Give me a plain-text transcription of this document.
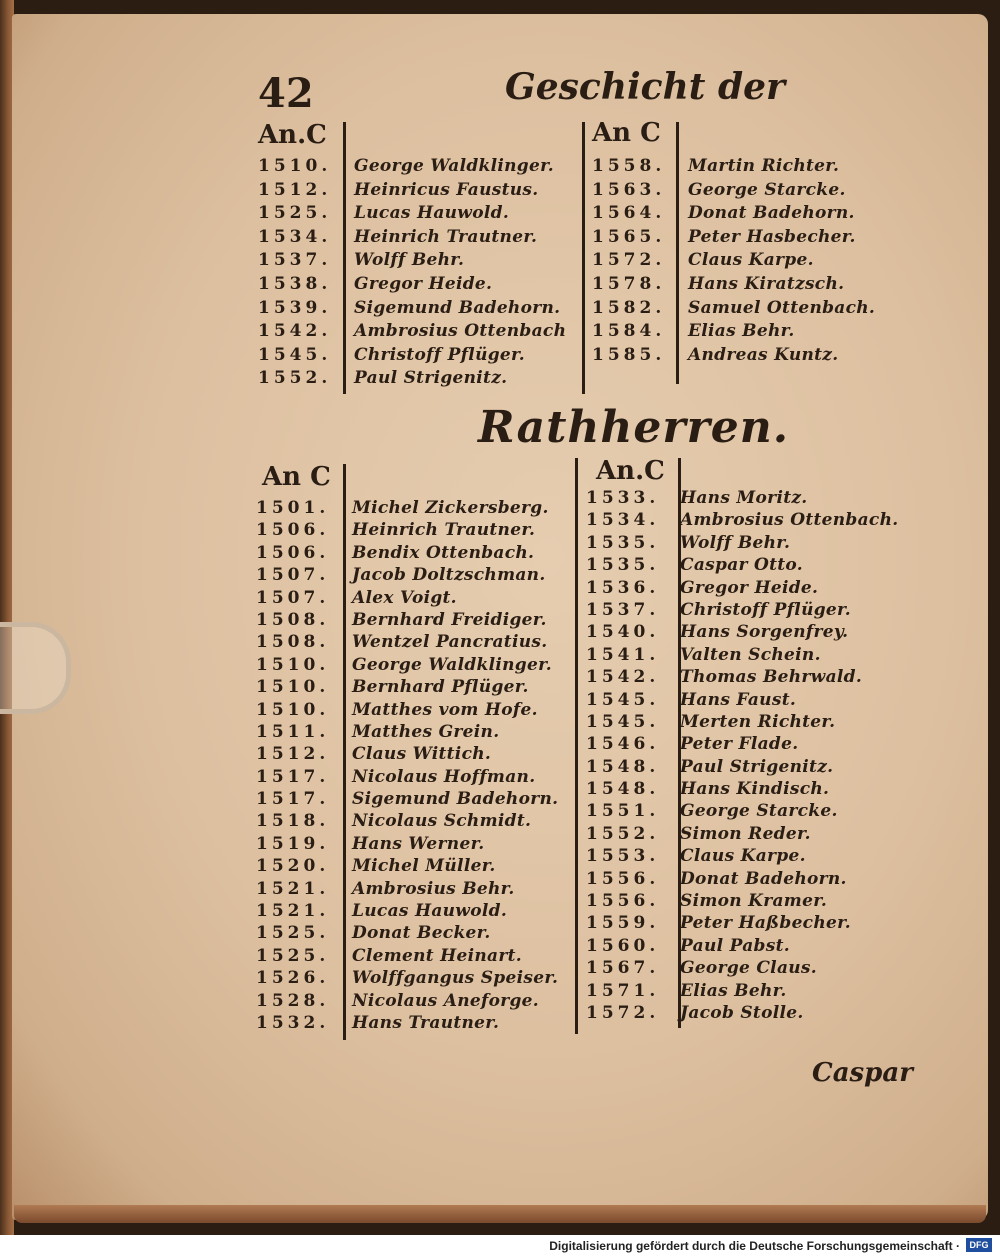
42	Geschicht der
An.C	An C
1510. George Waldklinger.
1512. Heinricus Faustus.
1525. Lucas Hauwold.
1534. Heinrich Trautner.
1537. Wolff Behr.
1538. Gregor Heide.
1539. Sigemund Badehorn.
1542. Ambrosius Ottenbach
1545. Christoff Pflüger.
1552. Paul Strigenitz.
1558. Martin Richter.
1563. George Starcke.
1564. Donat Badehorn.
1565. Peter Hasbecher.
1572. Claus Karpe.
1578. Hans Kiratzsch.
1582. Samuel Ottenbach.
1584. Elias Behr.
1585. Andreas Kuntz.
Rathherren.
An C	An.C
1501. Michel Zickersberg.
1506. Heinrich Trautner.
1506. Bendix Ottenbach.
1507. Jacob Doltzschman.
1507. Alex Voigt.
1508. Bernhard Freidiger.
1508. Wentzel Pancratius.
1510. George Waldklinger.
1510. Bernhard Pflüger.
1510. Matthes vom Hofe.
1511. Matthes Grein.
1512. Claus Wittich.
1517. Nicolaus Hoffman.
1517. Sigemund Badehorn.
1518. Nicolaus Schmidt.
1519. Hans Werner.
1520. Michel Müller.
1521. Ambrosius Behr.
1521. Lucas Hauwold.
1525. Donat Becker.
1525. Clement Heinart.
1526. Wolffgangus Speiser.
1528. Nicolaus Aneforge.
1532. Hans Trautner.
1533. Hans Moritz.
1534. Ambrosius Ottenbach.
1535. Wolff Behr.
1535. Caspar Otto.
1536. Gregor Heide.
1537. Christoff Pflüger.
1540. Hans Sorgenfrey.
1541. Valten Schein.
1542. Thomas Behrwald.
1545. Hans Faust.
1545. Merten Richter.
1546. Peter Flade.
1548. Paul Strigenitz.
1548. Hans Kindisch.
1551. George Starcke.
1552. Simon Reder.
1553. Claus Karpe.
1556. Donat Badehorn.
1556. Simon Kramer.
1559. Peter Haßbecher.
1560. Paul Pabst.
1567. George Claus.
1571. Elias Behr.
1572. Jacob Stolle.
Caspar
Digitalisierung gefördert durch die Deutsche Forschungsgemeinschaft ·	DFG
